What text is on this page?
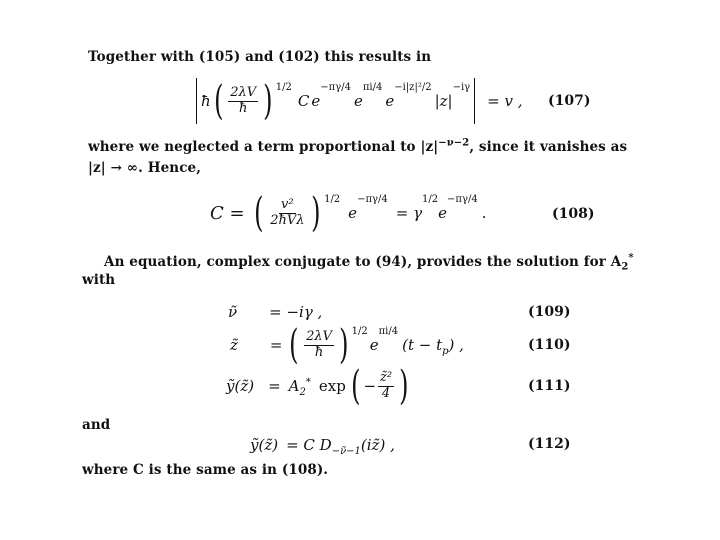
Together with (105) and (102) this results in
ħ ( $\frac{2\lambda V}{ħ}$ ) 1/2
C e
−πγ/4
e
πi/4
e
−i|z|²/2
|z|
−iγ
= v , (107)
where we neglected a term proportional to $|z|^{-\nu-2}$, since it vanishes as
|z| → ∞. Hence,
C = ( $\frac{\text{v²}}{\text{2ħVλ}}$ ) 1/2
e
−πγ/4
= γ
1/2
e
−πγ/4
.	(108)
An equation, complex conjugate to (94), provides the solution for $A_2^*$
with
ν̃ = −iγ ,	(109)
z̃ = ( $\frac{2\lambda V}{ħ}$ ) 1/2
e
πi/4
$(t - t_p)$ ,	(110)
ỹ(z̃) = $A_2^*$ exp ( − $\frac{\text{z̃²}}{4}$ )	(111)
and
ỹ(z̃) = C $D_{-\nũ-1}(iz̃)$ ,	(112)
where C is the same as in (108).
